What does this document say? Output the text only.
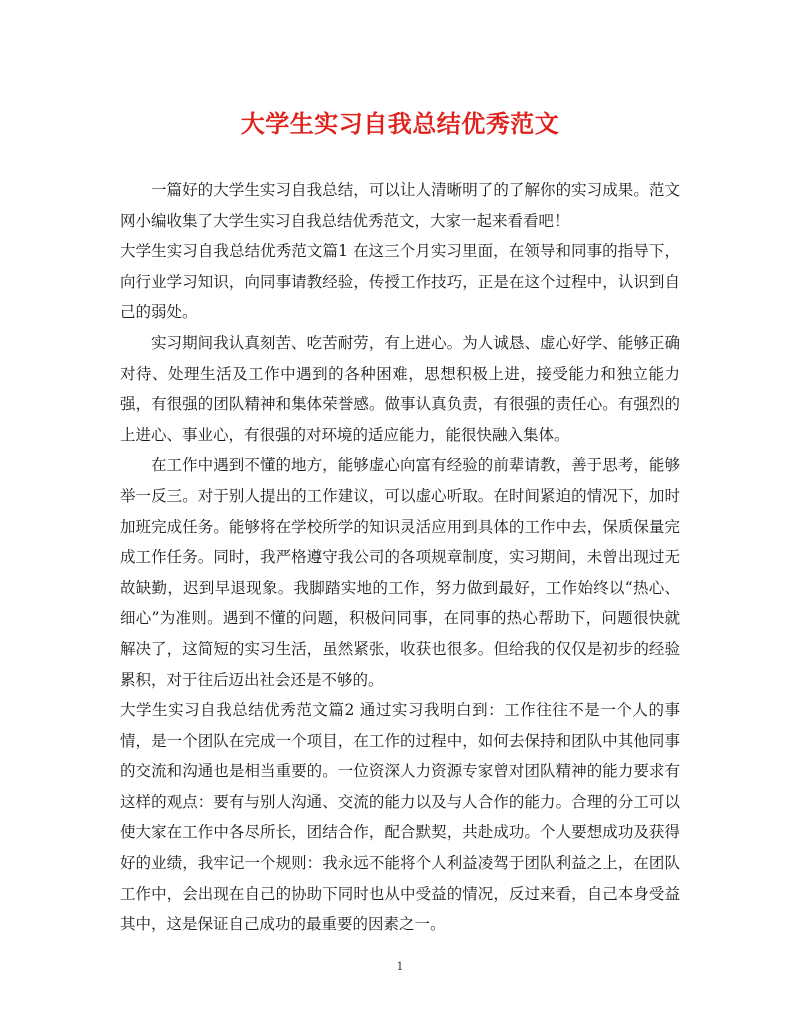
大学生实习自我总结优秀范文

一篇好的大学生实习自我总结，可以让人清晰明了的了解你的实习成果。范文网小编收集了大学生实习自我总结优秀范文，大家一起来看看吧！

大学生实习自我总结优秀范文篇1 在这三个月实习里面，在领导和同事的指导下，向行业学习知识，向同事请教经验，传授工作技巧，正是在这个过程中，认识到自己的弱处。

实习期间我认真刻苦、吃苦耐劳，有上进心。为人诚恳、虚心好学、能够正确对待、处理生活及工作中遇到的各种困难，思想积极上进，接受能力和独立能力强，有很强的团队精神和集体荣誉感。做事认真负责，有很强的责任心。有强烈的上进心、事业心，有很强的对环境的适应能力，能很快融入集体。

在工作中遇到不懂的地方，能够虚心向富有经验的前辈请教，善于思考，能够举一反三。对于别人提出的工作建议，可以虚心听取。在时间紧迫的情况下，加时加班完成任务。能够将在学校所学的知识灵活应用到具体的工作中去，保质保量完成工作任务。同时，我严格遵守我公司的各项规章制度，实习期间，未曾出现过无故缺勤，迟到早退现象。我脚踏实地的工作，努力做到最好，工作始终以“热心、细心”为准则。遇到不懂的问题，积极问同事，在同事的热心帮助下，问题很快就解决了，这简短的实习生活，虽然紧张，收获也很多。但给我的仅仅是初步的经验累积，对于往后迈出社会还是不够的。

大学生实习自我总结优秀范文篇2 通过实习我明白到：工作往往不是一个人的事情，是一个团队在完成一个项目，在工作的过程中，如何去保持和团队中其他同事的交流和沟通也是相当重要的。一位资深人力资源专家曾对团队精神的能力要求有这样的观点：要有与别人沟通、交流的能力以及与人合作的能力。合理的分工可以使大家在工作中各尽所长，团结合作，配合默契，共赴成功。个人要想成功及获得好的业绩，我牢记一个规则：我永远不能将个人利益凌驾于团队利益之上，在团队工作中，会出现在自己的协助下同时也从中受益的情况，反过来看，自己本身受益其中，这是保证自己成功的最重要的因素之一。

1
